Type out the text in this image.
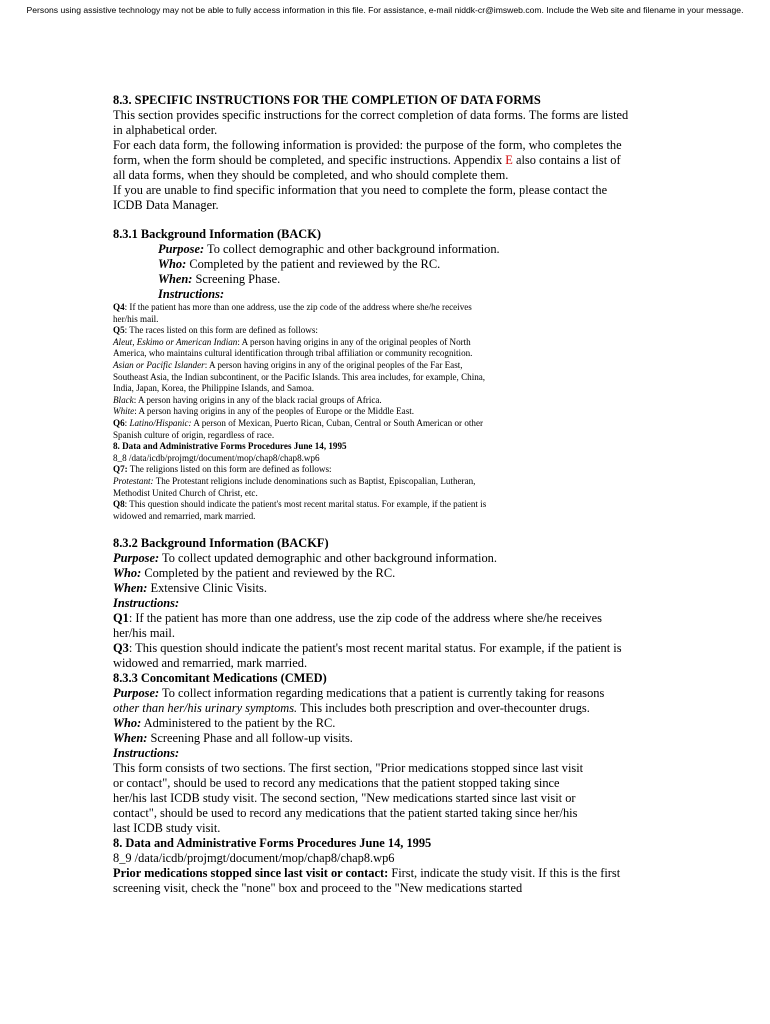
Persons using assistive technology may not be able to fully access information in this file. For assistance, e-mail niddk-cr@imsweb.com. Include the Web site and filename in your message.

8.3. SPECIFIC INSTRUCTIONS FOR THE COMPLETION OF DATA FORMS

This section provides specific instructions for the correct completion of data forms. The forms are listed in alphabetical order.

For each data form, the following information is provided: the purpose of the form, who completes the form, when the form should be completed, and specific instructions. Appendix E also contains a list of all data forms, when they should be completed, and who should complete them.

If you are unable to find specific information that you need to complete the form, please contact the ICDB Data Manager.

8.3.1 Background Information (BACK)

Purpose: To collect demographic and other background information.

Who: Completed by the patient and reviewed by the RC.

When: Screening Phase.

Instructions:

Q4: If the patient has more than one address, use the zip code of the address where she/he receives her/his mail.

Q5: The races listed on this form are defined as follows:

Aleut, Eskimo or American Indian: A person having origins in any of the original peoples of North America, who maintains cultural identification through tribal affiliation or community recognition.

Asian or Pacific Islander: A person having origins in any of the original peoples of the Far East, Southeast Asia, the Indian subcontinent, or the Pacific Islands. This area includes, for example, China, India, Japan, Korea, the Philippine Islands, and Samoa.

Black: A person having origins in any of the black racial groups of Africa.

White: A person having origins in any of the peoples of Europe or the Middle East.

Q6: Latino/Hispanic: A person of Mexican, Puerto Rican, Cuban, Central or South American or other Spanish culture of origin, regardless of race.

8. Data and Administrative Forms Procedures June 14, 1995

8_8 /data/icdb/projmgt/document/mop/chap8/chap8.wp6

Q7: The religions listed on this form are defined as follows:

Protestant: The Protestant religions include denominations such as Baptist, Episcopalian, Lutheran, Methodist United Church of Christ, etc.

Q8: This question should indicate the patient's most recent marital status. For example, if the patient is widowed and remarried, mark married.

8.3.2 Background Information (BACKF)

Purpose: To collect updated demographic and other background information.

Who: Completed by the patient and reviewed by the RC.

When: Extensive Clinic Visits.

Instructions:

Q1: If the patient has more than one address, use the zip code of the address where she/he receives her/his mail.

Q3: This question should indicate the patient's most recent marital status. For example, if the patient is widowed and remarried, mark married.

8.3.3 Concomitant Medications (CMED)

Purpose: To collect information regarding medications that a patient is currently taking for reasons other than her/his urinary symptoms. This includes both prescription and over-thecounter drugs.

Who: Administered to the patient by the RC.

When: Screening Phase and all follow-up visits.

Instructions:

This form consists of two sections. The first section, "Prior medications stopped since last visit or contact", should be used to record any medications that the patient stopped taking since her/his last ICDB study visit. The second section, "New medications started since last visit or contact", should be used to record any medications that the patient started taking since her/his last ICDB study visit.

8. Data and Administrative Forms Procedures June 14, 1995

8_9 /data/icdb/projmgt/document/mop/chap8/chap8.wp6

Prior medications stopped since last visit or contact: First, indicate the study visit. If this is the first screening visit, check the "none" box and proceed to the "New medications started
